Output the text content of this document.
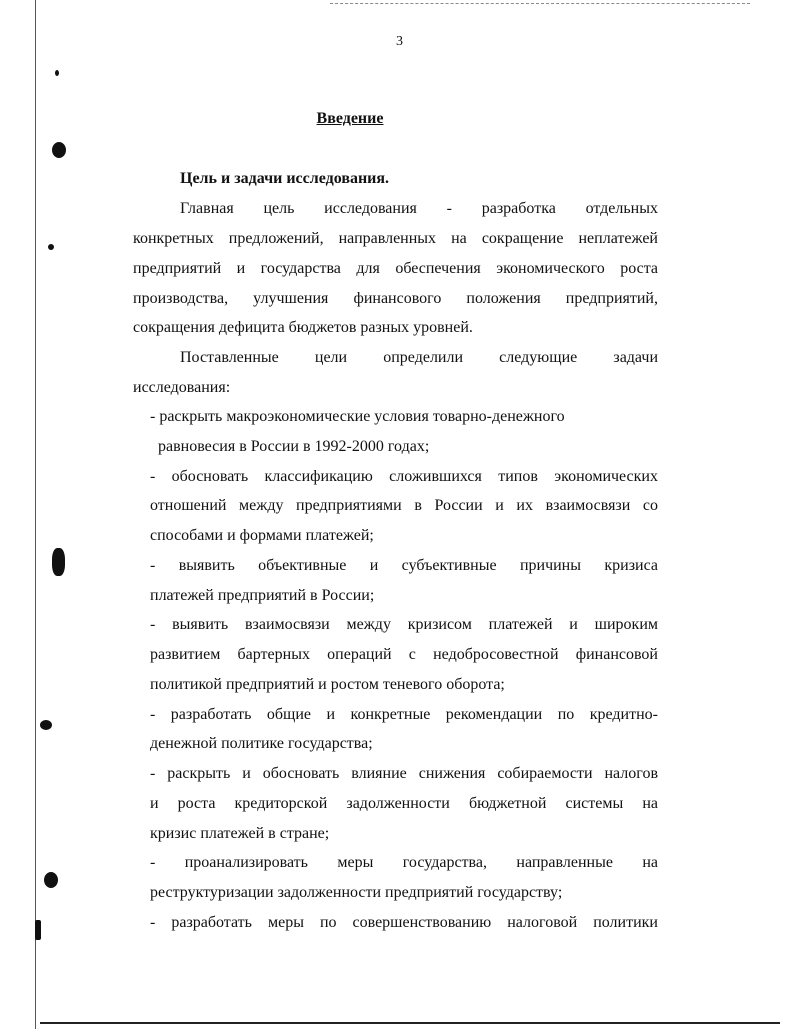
3
Введение
Цель и задачи исследования.
Главная цель исследования - разработка отдельных
конкретных предложений, направленных на сокращение неплатежей
предприятий и государства для обеспечения экономического роста
производства, улучшения финансового положения предприятий,
сокращения дефицита бюджетов разных уровней.
Поставленные цели определили следующие задачи
исследования:
- раскрыть макроэкономические условия товарно-денежного
равновесия в России в 1992-2000 годах;
- обосновать классификацию сложившихся типов экономических
отношений между предприятиями в России и их взаимосвязи со
способами и формами платежей;
- выявить объективные и субъективные причины кризиса
платежей предприятий в России;
- выявить взаимосвязи между кризисом платежей и широким
развитием бартерных операций с недобросовестной финансовой
политикой предприятий и ростом теневого оборота;
- разработать общие и конкретные рекомендации по кредитно-
денежной политике государства;
- раскрыть и обосновать влияние снижения собираемости налогов
и роста кредиторской задолженности бюджетной системы на
кризис платежей в стране;
- проанализировать меры государства, направленные на
реструктуризации задолженности предприятий государству;
- разработать меры по совершенствованию налоговой политики
